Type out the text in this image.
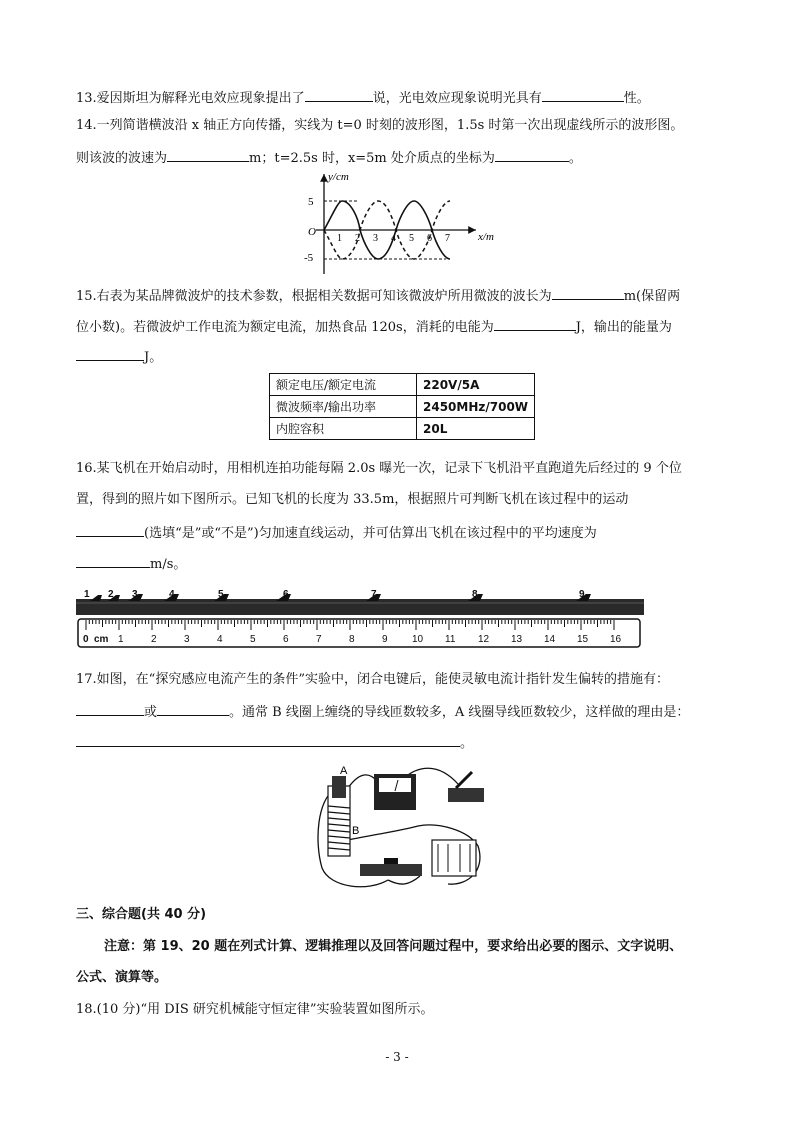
13.爱因斯坦为解释光电效应现象提出了	说，光电效应现象说明光具有	性。
14.一列简谐横波沿 x 轴正方向传播，实线为 t=0 时刻的波形图，1.5s 时第一次出现虚线所示的波形图。
则该波的波速为	m；t=2.5s 时，x=5m 处介质点的坐标为	。
y/cm
x/m
O
5
-5
1 2 3 4 5 6 7
15.右表为某品牌微波炉的技术参数，根据相关数据可知该微波炉所用微波的波长为	m(保留两
位小数)。若微波炉工作电流为额定电流，加热食品 120s，消耗的电能为	J，输出的能量为
J。
额定电压/额定电流	220V/5A
微波频率/输出功率	2450MHz/700W
内腔容积	20L
16.某飞机在开始启动时，用相机连拍功能每隔 2.0s 曝光一次，记录下飞机沿平直跑道先后经过的 9 个位
置，得到的照片如下图所示。已知飞机的长度为 33.5m，根据照片可判断飞机在该过程中的运动
(选填“是”或“不是”)匀加速直线运动，并可估算出飞机在该过程中的平均速度为
m/s。
1 2 3	4	5	6	7	8	9
0 cm 1	2	3	4	5	6	7	8	9 10 11 12 13 14 15 16
17.如图，在“探究感应电流产生的条件”实验中，闭合电键后，能使灵敏电流计指针发生偏转的措施有：
或	。通常 B 线圈上缠绕的导线匝数较多，A 线圈导线匝数较少，这样做的理由是：
。
A
B
三、综合题(共 40 分)
注意：第 19、20 题在列式计算、逻辑推理以及回答问题过程中，要求给出必要的图示、文字说明、
公式、演算等。
18.(10 分)“用 DIS 研究机械能守恒定律”实验装置如图所示。
- 3 -
